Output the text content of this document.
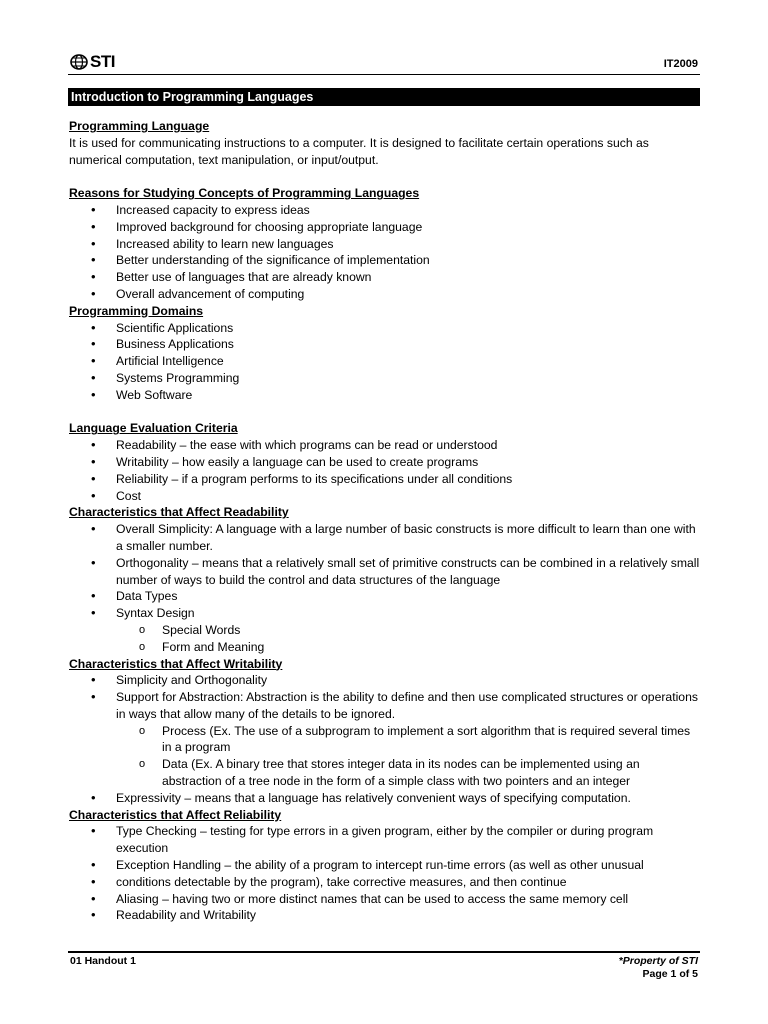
STI	IT2009
Introduction to Programming Languages

Programming Language

It is used for communicating instructions to a computer. It is designed to facilitate certain operations such as numerical computation, text manipulation, or input/output.

Reasons for Studying Concepts of Programming Languages

• Increased capacity to express ideas
• Improved background for choosing appropriate language
• Increased ability to learn new languages
• Better understanding of the significance of implementation
• Better use of languages that are already known
• Overall advancement of computing

Programming Domains

• Scientific Applications
• Business Applications
• Artificial Intelligence
• Systems Programming
• Web Software

Language Evaluation Criteria

• Readability – the ease with which programs can be read or understood
• Writability – how easily a language can be used to create programs
• Reliability – if a program performs to its specifications under all conditions
• Cost

Characteristics that Affect Readability

• Overall Simplicity: A language with a large number of basic constructs is more difficult to learn than one with a smaller number.
• Orthogonality – means that a relatively small set of primitive constructs can be combined in a relatively small number of ways to build the control and data structures of the language
• Data Types
• Syntax Design
o Special Words
o Form and Meaning

Characteristics that Affect Writability

• Simplicity and Orthogonality
• Support for Abstraction: Abstraction is the ability to define and then use complicated structures or operations in ways that allow many of the details to be ignored.
o Process (Ex. The use of a subprogram to implement a sort algorithm that is required several times in a program
o Data (Ex. A binary tree that stores integer data in its nodes can be implemented using an abstraction of a tree node in the form of a simple class with two pointers and an integer
• Expressivity – means that a language has relatively convenient ways of specifying computation.

Characteristics that Affect Reliability

• Type Checking – testing for type errors in a given program, either by the compiler or during program execution
• Exception Handling – the ability of a program to intercept run-time errors (as well as other unusual
• conditions detectable by the program), take corrective measures, and then continue
• Aliasing – having two or more distinct names that can be used to access the same memory cell
• Readability and Writability
01 Handout 1	*Property of STI
Page 1 of 5
